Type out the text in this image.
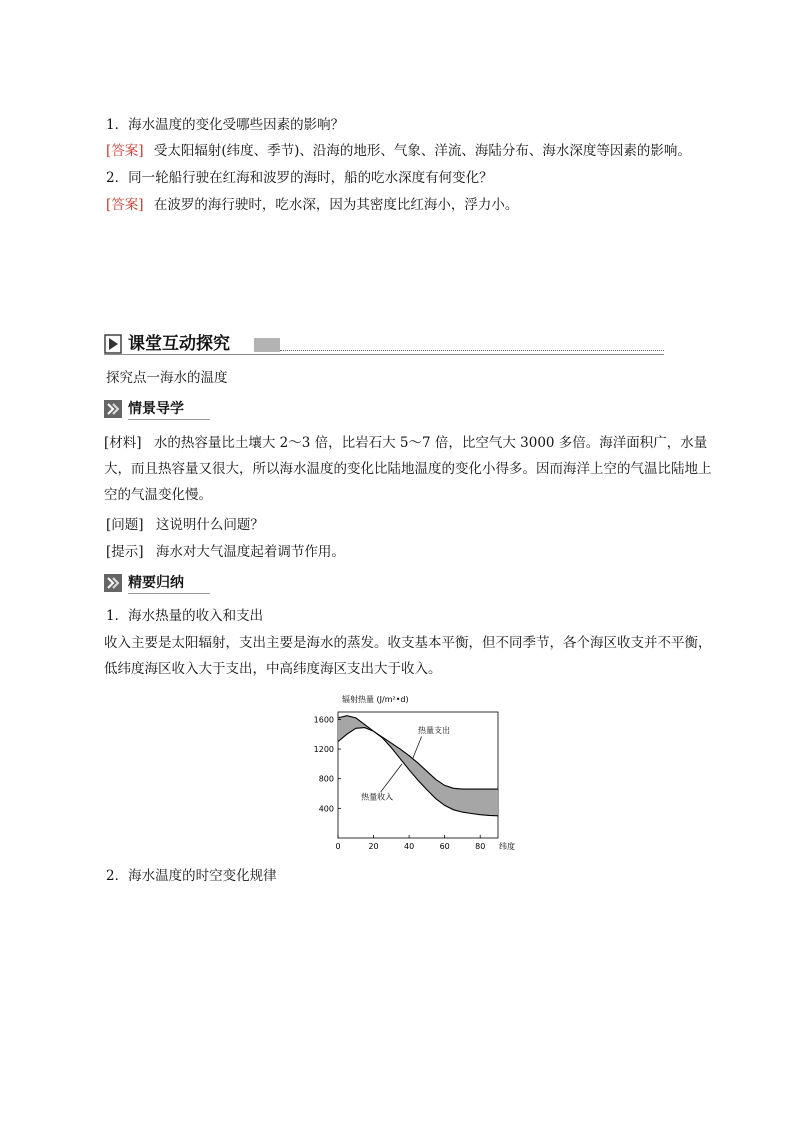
1．海水温度的变化受哪些因素的影响？
[答案] 受太阳辐射(纬度、季节)、沿海的地形、气象、洋流、海陆分布、海水深度等因素的影响。
2．同一轮船行驶在红海和波罗的海时，船的吃水深度有何变化？
[答案] 在波罗的海行驶时，吃水深，因为其密度比红海小，浮力小。
课堂互动探究
探究点一海水的温度
情景导学
[材料] 水的热容量比土壤大 2～3 倍，比岩石大 5～7 倍，比空气大 3000 多倍。海洋面积广，水量大，而且热容量又很大，所以海水温度的变化比陆地温度的变化小得多。因而海洋上空的气温比陆地上空的气温变化慢。
[问题] 这说明什么问题？
[提示] 海水对大气温度起着调节作用。
精要归纳
1．海水热量的收入和支出
收入主要是太阳辐射，支出主要是海水的蒸发。收支基本平衡，但不同季节，各个海区收支并不平衡，低纬度海区收入大于支出，中高纬度海区支出大于收入。
辐射热量 (J/m²•d)
400
800
1200
1600
0	20	40	60	80 纬度
热量支出
热量收入
2．海水温度的时空变化规律
